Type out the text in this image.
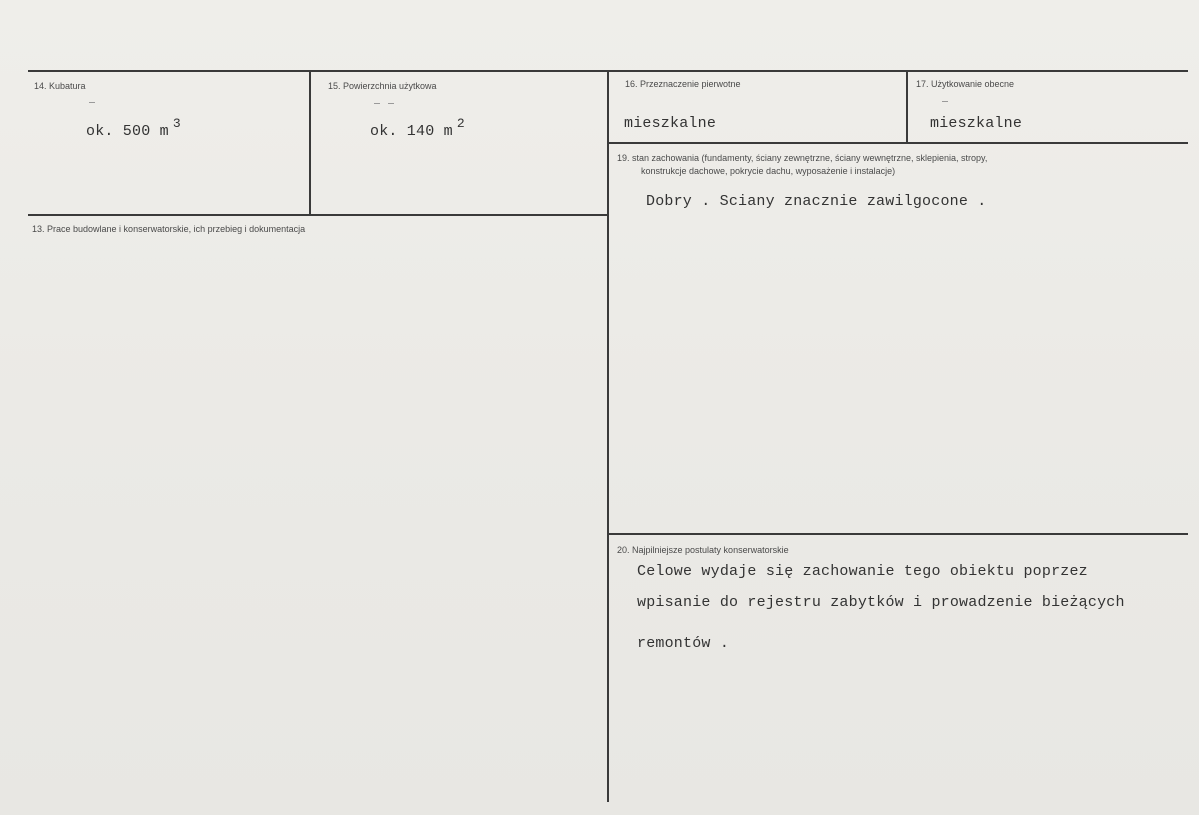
14. Kubatura
ok. 500 m $^3$
15. Powierzchnia użytkowa
ok. 140 m $^2$
16. Przeznaczenie pierwotne
mieszkalne
17. Użytkowanie obecne
mieszkalne
19. stan zachowania (fundamenty, ściany zewnętrzne, ściany wewnętrzne, sklepienia, stropy,
konstrukcje dachowe, pokrycie dachu, wyposażenie i instalacje)
Dobry . Sciany znacznie zawilgocone .
13. Prace budowlane i konserwatorskie, ich przebieg i dokumentacja
20. Najpilniejsze postulaty konserwatorskie
Celowe wydaje się zachowanie tego obiektu poprzez
wpisanie do rejestru zabytków i prowadzenie bieżących
remontów .
